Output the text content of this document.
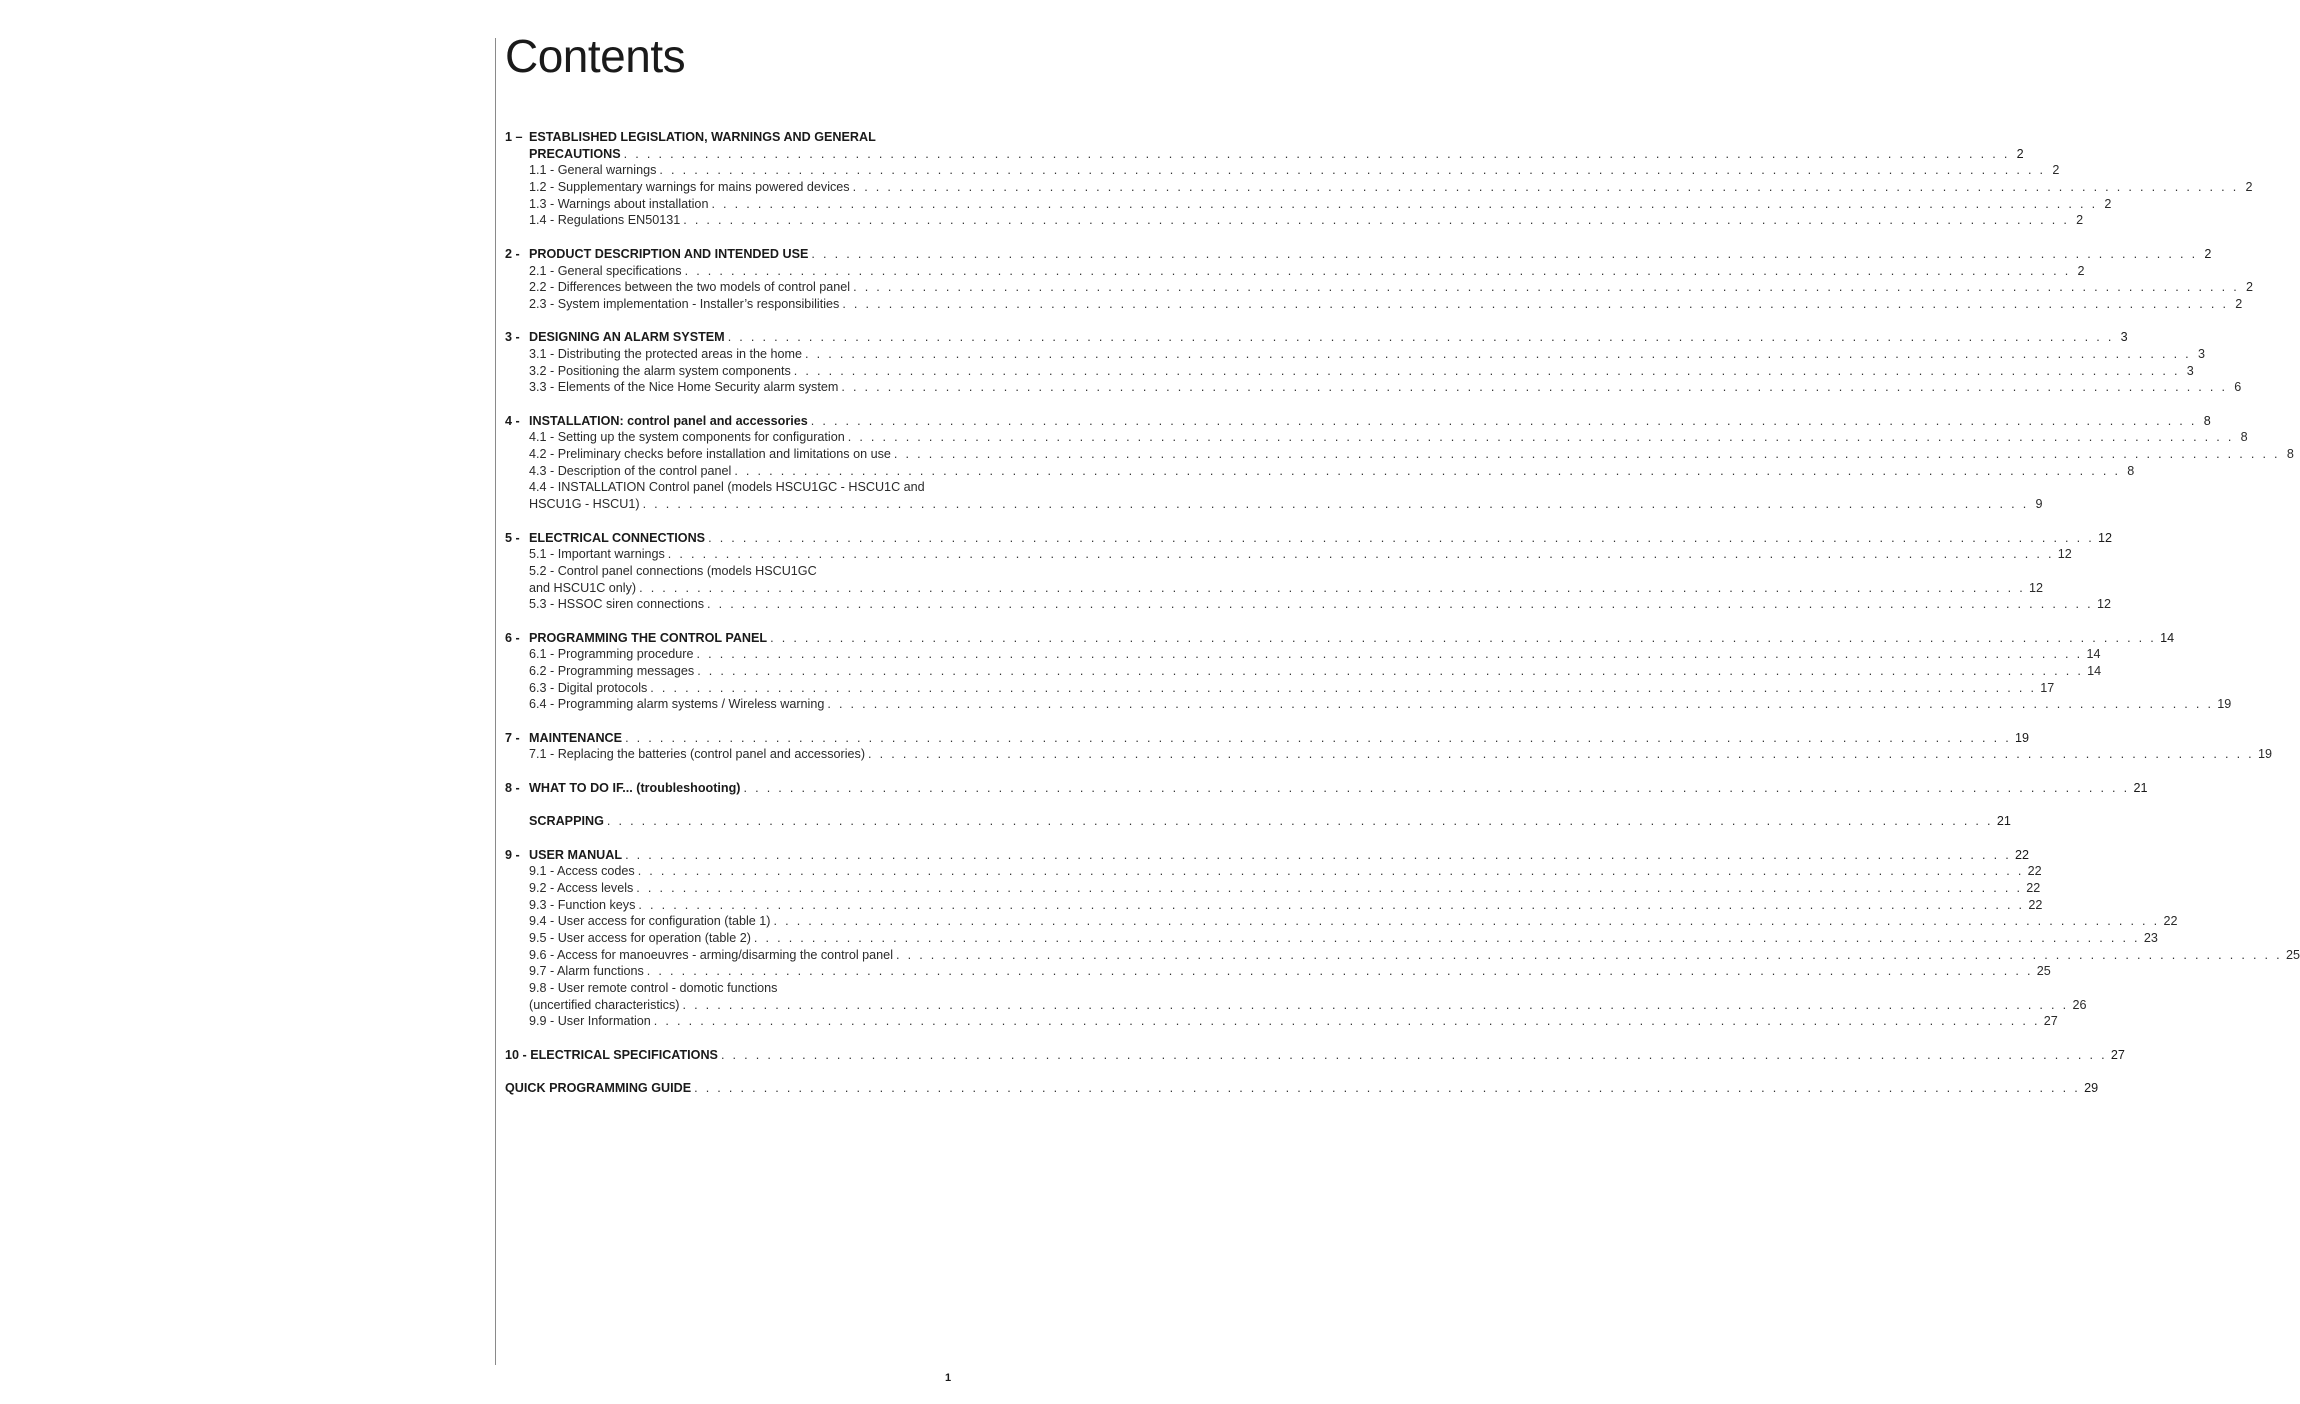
Contents
1 – ESTABLISHED LEGISLATION, WARNINGS AND GENERAL
PRECAUTIONS . . . . . . . . . . . . . . . . . . . . . . . . . . . . . . . . . . . . . . . . . . . . . . . . . . . . . . . . . . . . . . . . . . . . . . . . . . . . . . . . . . . . . . . . . . . . . . . . . . . . . . . . . . . . . . . . . . . . . . . . 2
1.1 - General warnings . . . . . . . . . . . . . . . . . . . . . . . . . . . . . . . . . . . . . . . . . . . . . . . . . . . . . . . . . . . . . . . . . . . . . . . . . . . . . . . . . . . . . . . . . . . . . . . . . . . . . . . . . . . . . . . . . . . . . . . . 2
1.2 - Supplementary warnings for mains powered devices . . . . . . . . . . . . . . . . . . . . . . . . . . . . . . . . . . . . . . . . . . . . . . . . . . . . . . . . . . . . . . . . . . . . . . . . . . . . . . . . . . . . . . . . . . . . . . . . . . . . . . . . . . . . . . . . . . . . . . . . 2
1.3 - Warnings about installation . . . . . . . . . . . . . . . . . . . . . . . . . . . . . . . . . . . . . . . . . . . . . . . . . . . . . . . . . . . . . . . . . . . . . . . . . . . . . . . . . . . . . . . . . . . . . . . . . . . . . . . . . . . . . . . . . . . . . . . . 2
1.4 - Regulations EN50131 . . . . . . . . . . . . . . . . . . . . . . . . . . . . . . . . . . . . . . . . . . . . . . . . . . . . . . . . . . . . . . . . . . . . . . . . . . . . . . . . . . . . . . . . . . . . . . . . . . . . . . . . . . . . . . . . . . . . . . . . 2
2 - PRODUCT DESCRIPTION AND INTENDED USE . . . . . . . . . . . . . . . . . . . . . . . . . . . . . . . . . . . . . . . . . . . . . . . . . . . . . . . . . . . . . . . . . . . . . . . . . . . . . . . . . . . . . . . . . . . . . . . . . . . . . . . . . . . . . . . . . . . . . . . . 2
2.1 - General specifications . . . . . . . . . . . . . . . . . . . . . . . . . . . . . . . . . . . . . . . . . . . . . . . . . . . . . . . . . . . . . . . . . . . . . . . . . . . . . . . . . . . . . . . . . . . . . . . . . . . . . . . . . . . . . . . . . . . . . . . . 2
2.2 - Differences between the two models of control panel . . . . . . . . . . . . . . . . . . . . . . . . . . . . . . . . . . . . . . . . . . . . . . . . . . . . . . . . . . . . . . . . . . . . . . . . . . . . . . . . . . . . . . . . . . . . . . . . . . . . . . . . . . . . . . . . . . . . . . . . 2
2.3 - System implementation - Installer’s responsibilities . . . . . . . . . . . . . . . . . . . . . . . . . . . . . . . . . . . . . . . . . . . . . . . . . . . . . . . . . . . . . . . . . . . . . . . . . . . . . . . . . . . . . . . . . . . . . . . . . . . . . . . . . . . . . . . . . . . . . . . . 2
3 - DESIGNING AN ALARM SYSTEM . . . . . . . . . . . . . . . . . . . . . . . . . . . . . . . . . . . . . . . . . . . . . . . . . . . . . . . . . . . . . . . . . . . . . . . . . . . . . . . . . . . . . . . . . . . . . . . . . . . . . . . . . . . . . . . . . . . . . . . . 3
3.1 - Distributing the protected areas in the home . . . . . . . . . . . . . . . . . . . . . . . . . . . . . . . . . . . . . . . . . . . . . . . . . . . . . . . . . . . . . . . . . . . . . . . . . . . . . . . . . . . . . . . . . . . . . . . . . . . . . . . . . . . . . . . . . . . . . . . . 3
3.2 - Positioning the alarm system components . . . . . . . . . . . . . . . . . . . . . . . . . . . . . . . . . . . . . . . . . . . . . . . . . . . . . . . . . . . . . . . . . . . . . . . . . . . . . . . . . . . . . . . . . . . . . . . . . . . . . . . . . . . . . . . . . . . . . . . . 3
3.3 - Elements of the Nice Home Security alarm system . . . . . . . . . . . . . . . . . . . . . . . . . . . . . . . . . . . . . . . . . . . . . . . . . . . . . . . . . . . . . . . . . . . . . . . . . . . . . . . . . . . . . . . . . . . . . . . . . . . . . . . . . . . . . . . . . . . . . . . . 6
4 - INSTALLATION: control panel and accessories . . . . . . . . . . . . . . . . . . . . . . . . . . . . . . . . . . . . . . . . . . . . . . . . . . . . . . . . . . . . . . . . . . . . . . . . . . . . . . . . . . . . . . . . . . . . . . . . . . . . . . . . . . . . . . . . . . . . . . . . 8
4.1 - Setting up the system components for configuration . . . . . . . . . . . . . . . . . . . . . . . . . . . . . . . . . . . . . . . . . . . . . . . . . . . . . . . . . . . . . . . . . . . . . . . . . . . . . . . . . . . . . . . . . . . . . . . . . . . . . . . . . . . . . . . . . . . . . . . . 8
4.2 - Preliminary checks before installation and limitations on use . . . . . . . . . . . . . . . . . . . . . . . . . . . . . . . . . . . . . . . . . . . . . . . . . . . . . . . . . . . . . . . . . . . . . . . . . . . . . . . . . . . . . . . . . . . . . . . . . . . . . . . . . . . . . . . . . . . . . . . . 8
4.3 - Description of the control panel . . . . . . . . . . . . . . . . . . . . . . . . . . . . . . . . . . . . . . . . . . . . . . . . . . . . . . . . . . . . . . . . . . . . . . . . . . . . . . . . . . . . . . . . . . . . . . . . . . . . . . . . . . . . . . . . . . . . . . . . 8
4.4 - INSTALLATION Control panel (models HSCU1GC - HSCU1C and
HSCU1G - HSCU1) . . . . . . . . . . . . . . . . . . . . . . . . . . . . . . . . . . . . . . . . . . . . . . . . . . . . . . . . . . . . . . . . . . . . . . . . . . . . . . . . . . . . . . . . . . . . . . . . . . . . . . . . . . . . . . . . . . . . . . . . 9
5 - ELECTRICAL CONNECTIONS . . . . . . . . . . . . . . . . . . . . . . . . . . . . . . . . . . . . . . . . . . . . . . . . . . . . . . . . . . . . . . . . . . . . . . . . . . . . . . . . . . . . . . . . . . . . . . . . . . . . . . . . . . . . . . . . . . . . . . . . 12
5.1 - Important warnings . . . . . . . . . . . . . . . . . . . . . . . . . . . . . . . . . . . . . . . . . . . . . . . . . . . . . . . . . . . . . . . . . . . . . . . . . . . . . . . . . . . . . . . . . . . . . . . . . . . . . . . . . . . . . . . . . . . . . . . . 12
5.2 - Control panel connections (models HSCU1GC
and HSCU1C only) . . . . . . . . . . . . . . . . . . . . . . . . . . . . . . . . . . . . . . . . . . . . . . . . . . . . . . . . . . . . . . . . . . . . . . . . . . . . . . . . . . . . . . . . . . . . . . . . . . . . . . . . . . . . . . . . . . . . . . . . 12
5.3 - HSSOC siren connections . . . . . . . . . . . . . . . . . . . . . . . . . . . . . . . . . . . . . . . . . . . . . . . . . . . . . . . . . . . . . . . . . . . . . . . . . . . . . . . . . . . . . . . . . . . . . . . . . . . . . . . . . . . . . . . . . . . . . . . . 12
6 - PROGRAMMING THE CONTROL PANEL . . . . . . . . . . . . . . . . . . . . . . . . . . . . . . . . . . . . . . . . . . . . . . . . . . . . . . . . . . . . . . . . . . . . . . . . . . . . . . . . . . . . . . . . . . . . . . . . . . . . . . . . . . . . . . . . . . . . . . . . 14
6.1 - Programming procedure . . . . . . . . . . . . . . . . . . . . . . . . . . . . . . . . . . . . . . . . . . . . . . . . . . . . . . . . . . . . . . . . . . . . . . . . . . . . . . . . . . . . . . . . . . . . . . . . . . . . . . . . . . . . . . . . . . . . . . . . 14
6.2 - Programming messages . . . . . . . . . . . . . . . . . . . . . . . . . . . . . . . . . . . . . . . . . . . . . . . . . . . . . . . . . . . . . . . . . . . . . . . . . . . . . . . . . . . . . . . . . . . . . . . . . . . . . . . . . . . . . . . . . . . . . . . . 14
6.3 - Digital protocols . . . . . . . . . . . . . . . . . . . . . . . . . . . . . . . . . . . . . . . . . . . . . . . . . . . . . . . . . . . . . . . . . . . . . . . . . . . . . . . . . . . . . . . . . . . . . . . . . . . . . . . . . . . . . . . . . . . . . . . . 17
6.4 - Programming alarm systems / Wireless warning . . . . . . . . . . . . . . . . . . . . . . . . . . . . . . . . . . . . . . . . . . . . . . . . . . . . . . . . . . . . . . . . . . . . . . . . . . . . . . . . . . . . . . . . . . . . . . . . . . . . . . . . . . . . . . . . . . . . . . . . 19
7 - MAINTENANCE . . . . . . . . . . . . . . . . . . . . . . . . . . . . . . . . . . . . . . . . . . . . . . . . . . . . . . . . . . . . . . . . . . . . . . . . . . . . . . . . . . . . . . . . . . . . . . . . . . . . . . . . . . . . . . . . . . . . . . . . 19
7.1 - Replacing the batteries (control panel and accessories) . . . . . . . . . . . . . . . . . . . . . . . . . . . . . . . . . . . . . . . . . . . . . . . . . . . . . . . . . . . . . . . . . . . . . . . . . . . . . . . . . . . . . . . . . . . . . . . . . . . . . . . . . . . . . . . . . . . . . . . . 19
8 - WHAT TO DO IF... (troubleshooting) . . . . . . . . . . . . . . . . . . . . . . . . . . . . . . . . . . . . . . . . . . . . . . . . . . . . . . . . . . . . . . . . . . . . . . . . . . . . . . . . . . . . . . . . . . . . . . . . . . . . . . . . . . . . . . . . . . . . . . . . 21
SCRAPPING . . . . . . . . . . . . . . . . . . . . . . . . . . . . . . . . . . . . . . . . . . . . . . . . . . . . . . . . . . . . . . . . . . . . . . . . . . . . . . . . . . . . . . . . . . . . . . . . . . . . . . . . . . . . . . . . . . . . . . . . 21
9 - USER MANUAL . . . . . . . . . . . . . . . . . . . . . . . . . . . . . . . . . . . . . . . . . . . . . . . . . . . . . . . . . . . . . . . . . . . . . . . . . . . . . . . . . . . . . . . . . . . . . . . . . . . . . . . . . . . . . . . . . . . . . . . . 22
9.1 - Access codes . . . . . . . . . . . . . . . . . . . . . . . . . . . . . . . . . . . . . . . . . . . . . . . . . . . . . . . . . . . . . . . . . . . . . . . . . . . . . . . . . . . . . . . . . . . . . . . . . . . . . . . . . . . . . . . . . . . . . . . . 22
9.2 - Access levels . . . . . . . . . . . . . . . . . . . . . . . . . . . . . . . . . . . . . . . . . . . . . . . . . . . . . . . . . . . . . . . . . . . . . . . . . . . . . . . . . . . . . . . . . . . . . . . . . . . . . . . . . . . . . . . . . . . . . . . . 22
9.3 - Function keys . . . . . . . . . . . . . . . . . . . . . . . . . . . . . . . . . . . . . . . . . . . . . . . . . . . . . . . . . . . . . . . . . . . . . . . . . . . . . . . . . . . . . . . . . . . . . . . . . . . . . . . . . . . . . . . . . . . . . . . . 22
9.4 - User access for configuration (table 1) . . . . . . . . . . . . . . . . . . . . . . . . . . . . . . . . . . . . . . . . . . . . . . . . . . . . . . . . . . . . . . . . . . . . . . . . . . . . . . . . . . . . . . . . . . . . . . . . . . . . . . . . . . . . . . . . . . . . . . . . 22
9.5 - User access for operation (table 2) . . . . . . . . . . . . . . . . . . . . . . . . . . . . . . . . . . . . . . . . . . . . . . . . . . . . . . . . . . . . . . . . . . . . . . . . . . . . . . . . . . . . . . . . . . . . . . . . . . . . . . . . . . . . . . . . . . . . . . . . 23
9.6 - Access for manoeuvres - arming/disarming the control panel . . . . . . . . . . . . . . . . . . . . . . . . . . . . . . . . . . . . . . . . . . . . . . . . . . . . . . . . . . . . . . . . . . . . . . . . . . . . . . . . . . . . . . . . . . . . . . . . . . . . . . . . . . . . . . . . . . . . . . . . 25
9.7 - Alarm functions . . . . . . . . . . . . . . . . . . . . . . . . . . . . . . . . . . . . . . . . . . . . . . . . . . . . . . . . . . . . . . . . . . . . . . . . . . . . . . . . . . . . . . . . . . . . . . . . . . . . . . . . . . . . . . . . . . . . . . . . 25
9.8 - User remote control - domotic functions
(uncertified characteristics) . . . . . . . . . . . . . . . . . . . . . . . . . . . . . . . . . . . . . . . . . . . . . . . . . . . . . . . . . . . . . . . . . . . . . . . . . . . . . . . . . . . . . . . . . . . . . . . . . . . . . . . . . . . . . . . . . . . . . . . . 26
9.9 - User Information . . . . . . . . . . . . . . . . . . . . . . . . . . . . . . . . . . . . . . . . . . . . . . . . . . . . . . . . . . . . . . . . . . . . . . . . . . . . . . . . . . . . . . . . . . . . . . . . . . . . . . . . . . . . . . . . . . . . . . . . 27
10 - ELECTRICAL SPECIFICATIONS . . . . . . . . . . . . . . . . . . . . . . . . . . . . . . . . . . . . . . . . . . . . . . . . . . . . . . . . . . . . . . . . . . . . . . . . . . . . . . . . . . . . . . . . . . . . . . . . . . . . . . . . . . . . . . . . . . . . . . . . 27
QUICK PROGRAMMING GUIDE . . . . . . . . . . . . . . . . . . . . . . . . . . . . . . . . . . . . . . . . . . . . . . . . . . . . . . . . . . . . . . . . . . . . . . . . . . . . . . . . . . . . . . . . . . . . . . . . . . . . . . . . . . . . . . . . . . . . . . . . 29
1
